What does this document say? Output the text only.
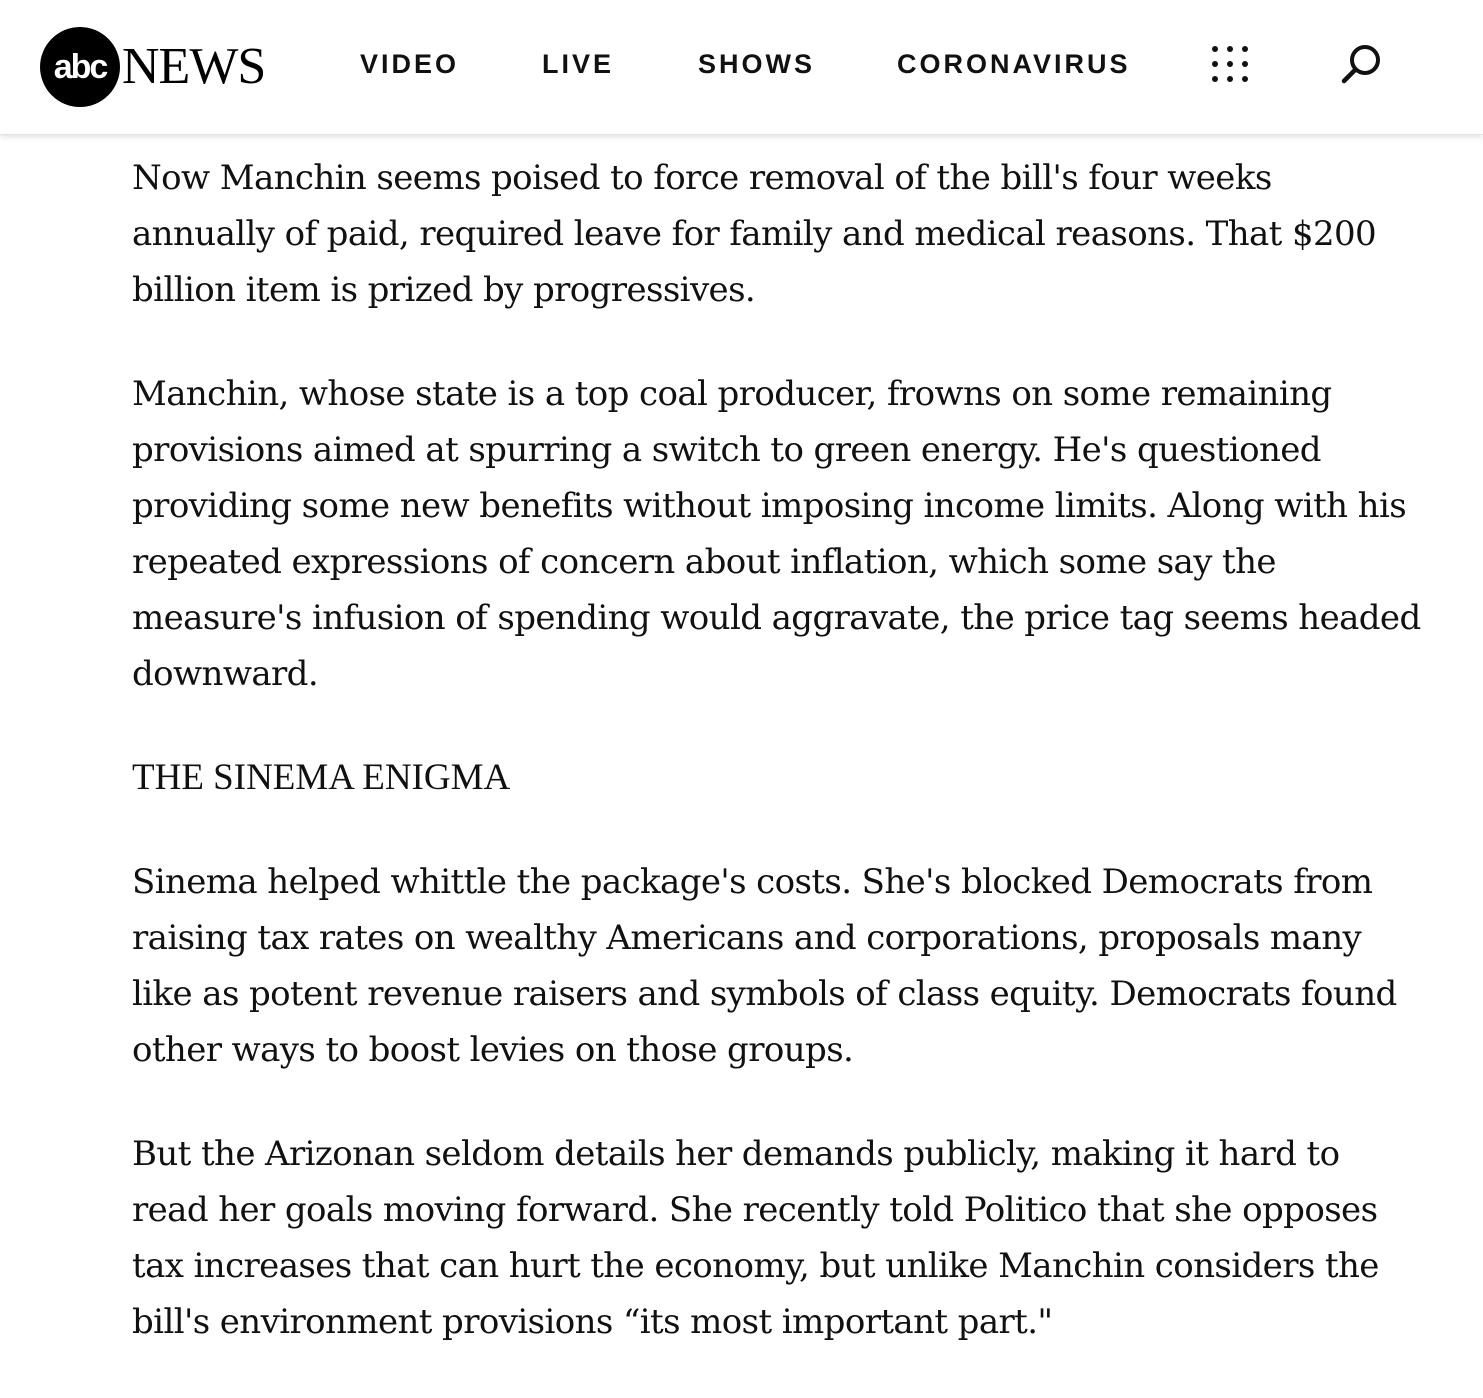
abc NEWS	VIDEO	LIVE	SHOWS	CORONAVIRUS

Now Manchin seems poised to force removal of the bill's four weeks annually of paid, required leave for family and medical reasons. That $200 billion item is prized by progressives.

Manchin, whose state is a top coal producer, frowns on some remaining provisions aimed at spurring a switch to green energy. He's questioned providing some new benefits without imposing income limits. Along with his repeated expressions of concern about inflation, which some say the measure's infusion of spending would aggravate, the price tag seems headed downward.

THE SINEMA ENIGMA

Sinema helped whittle the package's costs. She's blocked Democrats from raising tax rates on wealthy Americans and corporations, proposals many like as potent revenue raisers and symbols of class equity. Democrats found other ways to boost levies on those groups.

But the Arizonan seldom details her demands publicly, making it hard to read her goals moving forward. She recently told Politico that she opposes tax increases that can hurt the economy, but unlike Manchin considers the bill's environment provisions “its most important part."
